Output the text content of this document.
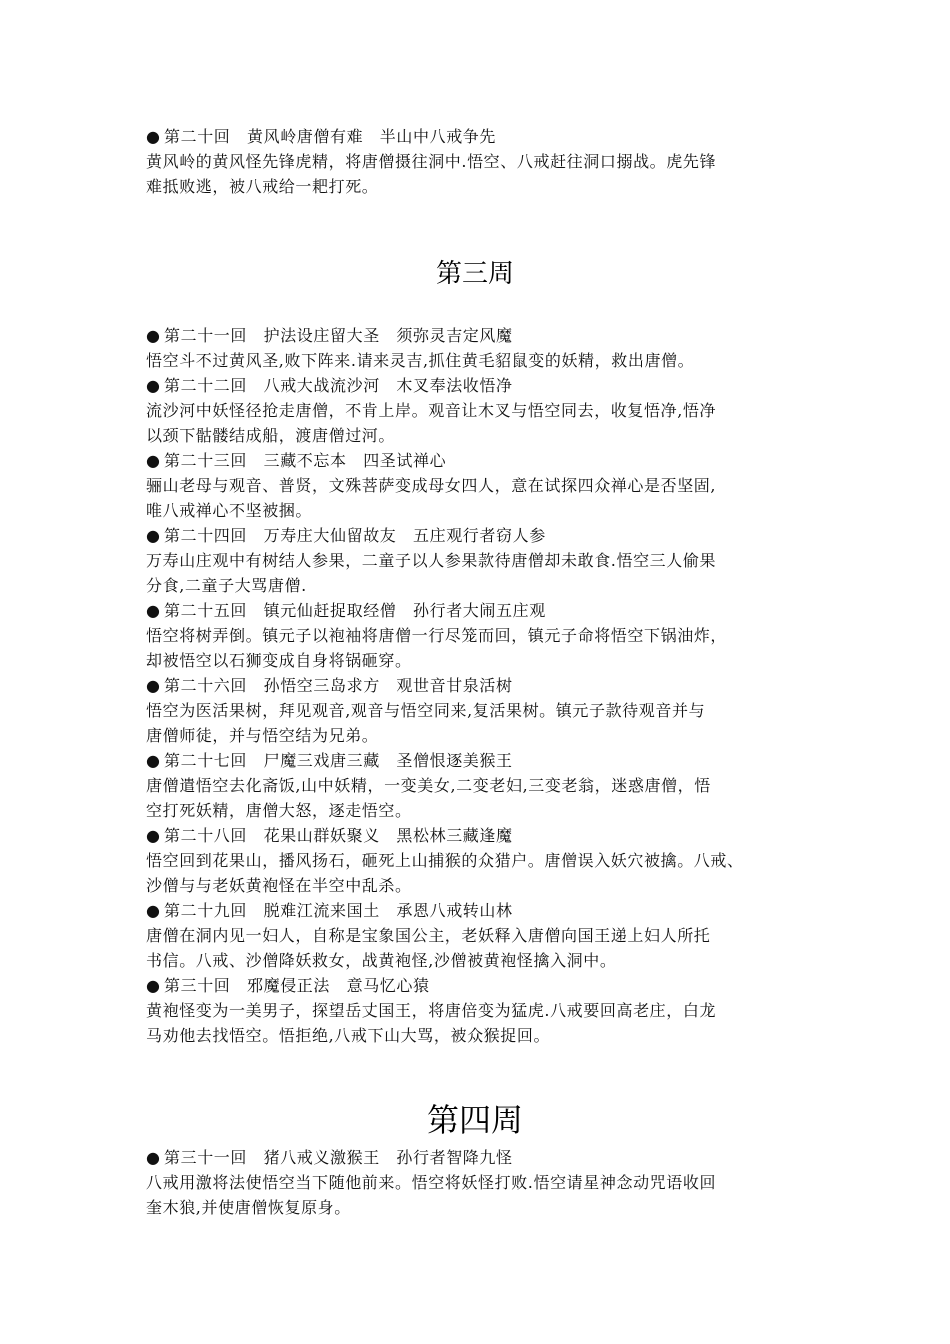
● 第二十回　黄风岭唐僧有难　半山中八戒争先
黄风岭的黄风怪先锋虎精，将唐僧摄往洞中.悟空、八戒赶往洞口搦战。虎先锋
难抵败逃，被八戒给一耙打死。
第三周
● 第二十一回　护法设庄留大圣　须弥灵吉定风魔
悟空斗不过黄风圣,败下阵来.请来灵吉,抓住黄毛貂鼠变的妖精，救出唐僧。
● 第二十二回　八戒大战流沙河　木叉奉法收悟净
流沙河中妖怪径抢走唐僧，不肯上岸。观音让木叉与悟空同去，收复悟净,悟净
以颈下骷髅结成船，渡唐僧过河。
● 第二十三回　三藏不忘本　四圣试禅心
骊山老母与观音、普贤，文殊菩萨变成母女四人，意在试探四众禅心是否坚固,
唯八戒禅心不坚被捆。
● 第二十四回　万寿庄大仙留故友　五庄观行者窃人参
万寿山庄观中有树结人参果，二童子以人参果款待唐僧却未敢食.悟空三人偷果
分食,二童子大骂唐僧.
● 第二十五回　镇元仙赶捉取经僧　孙行者大闹五庄观
悟空将树弄倒。镇元子以袍袖将唐僧一行尽笼而回，镇元子命将悟空下锅油炸，
却被悟空以石狮变成自身将锅砸穿。
● 第二十六回　孙悟空三岛求方　观世音甘泉活树
悟空为医活果树，拜见观音,观音与悟空同来,复活果树。镇元子款待观音并与
唐僧师徒，并与悟空结为兄弟。
● 第二十七回　尸魔三戏唐三藏　圣僧恨逐美猴王
唐僧遣悟空去化斋饭,山中妖精，一变美女,二变老妇,三变老翁，迷惑唐僧，悟
空打死妖精，唐僧大怒，逐走悟空。
● 第二十八回　花果山群妖聚义　黑松林三藏逢魔
悟空回到花果山，播风扬石，砸死上山捕猴的众猎户。唐僧误入妖穴被擒。八戒、
沙僧与与老妖黄袍怪在半空中乱杀。
● 第二十九回　脱难江流来国土　承恩八戒转山林
唐僧在洞内见一妇人，自称是宝象国公主，老妖释入唐僧向国王递上妇人所托
书信。八戒、沙僧降妖救女，战黄袍怪,沙僧被黄袍怪擒入洞中。
● 第三十回　邪魔侵正法　意马忆心猿
黄袍怪变为一美男子，探望岳丈国王，将唐倍变为猛虎.八戒要回高老庄，白龙
马劝他去找悟空。悟拒绝,八戒下山大骂，被众猴捉回。
第四周
● 第三十一回　猪八戒义激猴王　孙行者智降九怪
八戒用激将法使悟空当下随他前来。悟空将妖怪打败.悟空请星神念动咒语收回
奎木狼,并使唐僧恢复原身。
